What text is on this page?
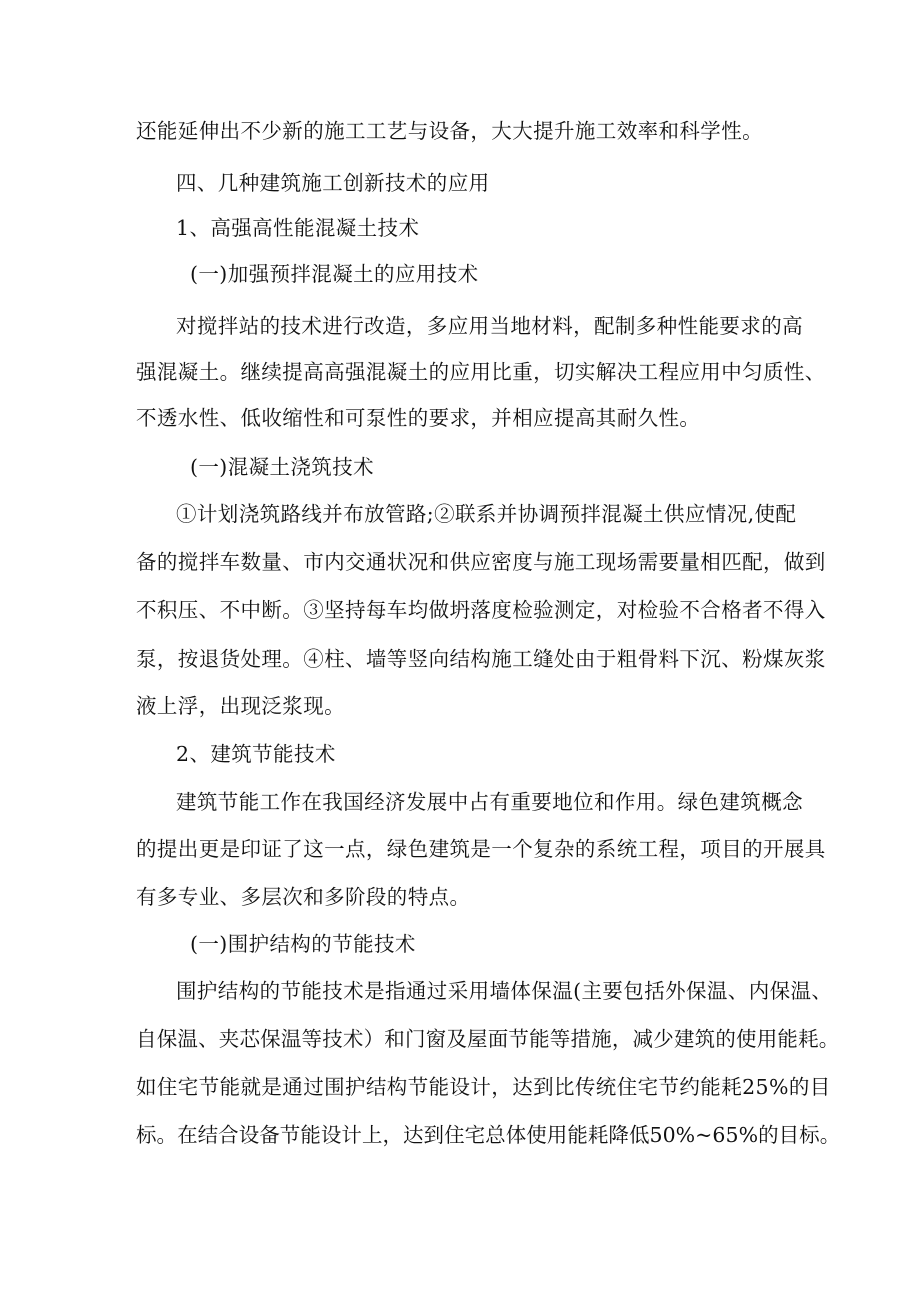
还能延伸出不少新的施工工艺与设备，大大提升施工效率和科学性。
四、几种建筑施工创新技术的应用
1、高强高性能混凝土技术
(一)加强预拌混凝土的应用技术
对搅拌站的技术进行改造，多应用当地材料，配制多种性能要求的高
强混凝土。继续提高高强混凝土的应用比重，切实解决工程应用中匀质性、
不透水性、低收缩性和可泵性的要求，并相应提高其耐久性。
(一)混凝土浇筑技术
①计划浇筑路线并布放管路;②联系并协调预拌混凝土供应情况,使配
备的搅拌车数量、市内交通状况和供应密度与施工现场需要量相匹配，做到
不积压、不中断。③坚持每车均做坍落度检验测定，对检验不合格者不得入
泵，按退货处理。④柱、墙等竖向结构施工缝处由于粗骨料下沉、粉煤灰浆
液上浮，出现泛浆现。
2、建筑节能技术
建筑节能工作在我国经济发展中占有重要地位和作用。绿色建筑概念
的提出更是印证了这一点，绿色建筑是一个复杂的系统工程，项目的开展具
有多专业、多层次和多阶段的特点。
(一)围护结构的节能技术
围护结构的节能技术是指通过采用墙体保温(主要包括外保温、内保温、
自保温、夹芯保温等技术）和门窗及屋面节能等措施，减少建筑的使用能耗。
如住宅节能就是通过围护结构节能设计，达到比传统住宅节约能耗25%的目
标。在结合设备节能设计上，达到住宅总体使用能耗降低50%~65%的目标。
